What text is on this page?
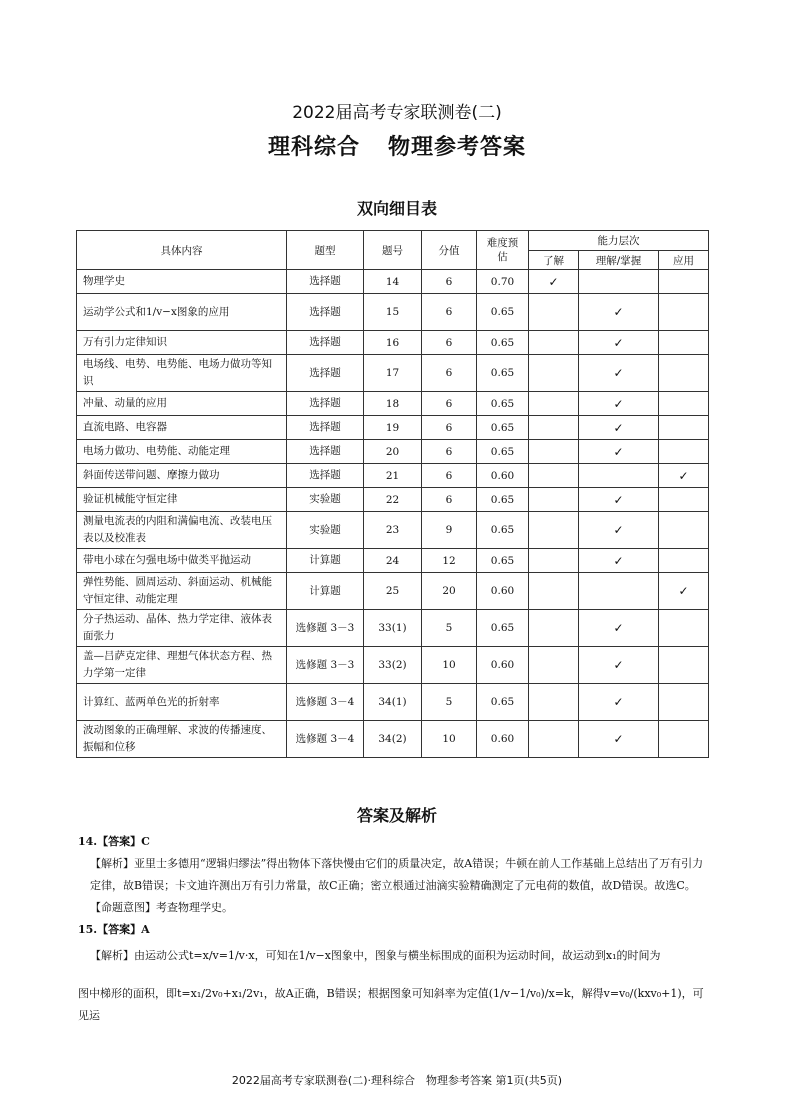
2022届高考专家联测卷(二)
理科综合 物理参考答案
双向细目表
具体内容	题型	题号	分值	难度预估	能力层次		
					了解	理解/掌握	应用
物理学史	选择题	14	6	0.70	✓		
运动学公式和1/v−x图象的应用	选择题	15	6	0.65		✓	
万有引力定律知识	选择题	16	6	0.65		✓	
电场线、电势、电势能、电场力做功等知识	选择题	17	6	0.65		✓	
冲量、动量的应用	选择题	18	6	0.65		✓	
直流电路、电容器	选择题	19	6	0.65		✓	
电场力做功、电势能、动能定理	选择题	20	6	0.65		✓	
斜面传送带问题、摩擦力做功	选择题	21	6	0.60			✓
验证机械能守恒定律	实验题	22	6	0.65		✓	
测量电流表的内阻和满偏电流、改装电压表以及校准表	实验题	23	9	0.65		✓	
带电小球在匀强电场中做类平抛运动	计算题	24	12	0.65		✓	
弹性势能、圆周运动、斜面运动、机械能守恒定律、动能定理	计算题	25	20	0.60			✓
分子热运动、晶体、热力学定律、液体表面张力	选修题 3－3	33(1)	5	0.65		✓	
盖—吕萨克定律、理想气体状态方程、热力学第一定律	选修题 3－3	33(2)	10	0.60		✓	
计算红、蓝两单色光的折射率	选修题 3－4	34(1)	5	0.65		✓	
波动图象的正确理解、求波的传播速度、振幅和位移	选修题 3－4	34(2)	10	0.60		✓	
答案及解析
14.【答案】C
【解析】亚里士多德用“逻辑归缪法”得出物体下落快慢由它们的质量决定，故A错误；牛顿在前人工作基础上总结出了万有引力定律，故B错误；卡文迪许测出万有引力常量，故C正确；密立根通过油滴实验精确测定了元电荷的数值，故D错误。故选C。
【命题意图】考查物理学史。
15.【答案】A
【解析】由运动公式t=x/v=1/v·x，可知在1/v−x图象中，图象与横坐标围成的面积为运动时间，故运动到x₁的时间为
图中梯形的面积，即t=x₁/2v₀+x₁/2v₁，故A正确，B错误；根据图象可知斜率为定值(1/v−1/v₀)/x=k，解得v=v₀/(kxv₀+1)，可见运
2022届高考专家联测卷(二)·理科综合　物理参考答案 第1页(共5页)
